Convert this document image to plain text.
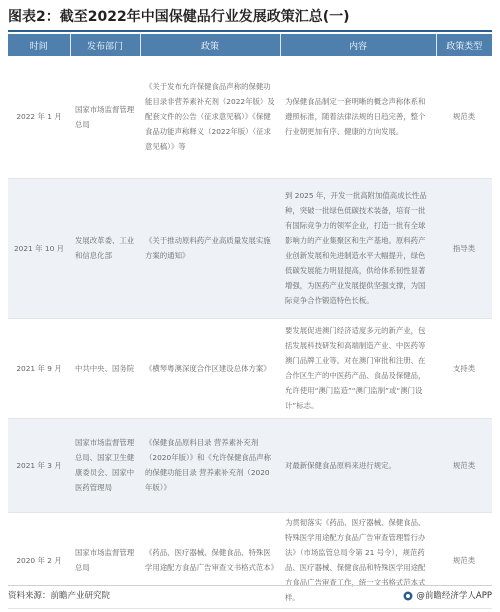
图表2：截至2022年中国保健品行业发展政策汇总(一)
时间	发布部门	政策	内容	政策类型
2022 年 1 月	国家市场监督管理总局	《关于发布允许保健食品声称的保健功能目录非营养素补充剂（2022年版）及配套文件的公告（征求意见稿）》《保健食品功能声称释义（2022年版）（征求意见稿）》等	为保健食品制定一套明晰的概念声称体系和遵照标准，随着法律法规的日趋完善，整个行业朝更加有序、健康的方向发展。	规范类
2021 年 10 月	发展改革委、工业和信息化部	《关于推动原料药产业高质量发展实施方案的通知》	到 2025 年，开发一批高附加值高成长性品种，突破一批绿色低碳技术装备，培育一批有国际竞争力的领军企业，打造一批有全球影响力的产业集聚区和生产基地。原料药产业创新发展和先进制造水平大幅提升，绿色低碳发展能力明显提高，供给体系韧性显著增强，为医药产业发展提供坚强支撑，为国际竞争合作锻造特色长板。	指导类
2021 年 9 月	中共中央、国务院	《横琴粤澳深度合作区建设总体方案》	要发展促进澳门经济适度多元的新产业，包括发展科技研发和高端制造产业、中医药等澳门品牌工业等。对在澳门审批和注册、在合作区生产的中医药产品、食品及保健品，允许使用“澳门监造”“澳门监制”或“澳门设计”标志。	支持类
2021 年 3 月	国家市场监督管理总局、国家卫生健康委员会、国家中医药管理局	《保健食品原料目录 营养素补充剂（2020年版）》和《允许保健食品声称的保健功能目录 营养素补充剂（2020年版）》	对最新保健食品原料来进行规定。	规范类
2020 年 2 月	国家市场监督管理总局	《药品、医疗器械、保健食品、特殊医学用途配方食品广告审查文书格式范本》	为贯彻落实《药品、医疗器械、保健食品、特殊医学用途配方食品广告审查管理暂行办法》（市场监管总局令第 21 号令），规范药品、医疗器械、保健食品和特殊医学用途配方食品广告审查工作，统一文书格式范本式样。	规范类
资料来源：前瞻产业研究院	@前瞻经济学人APP
